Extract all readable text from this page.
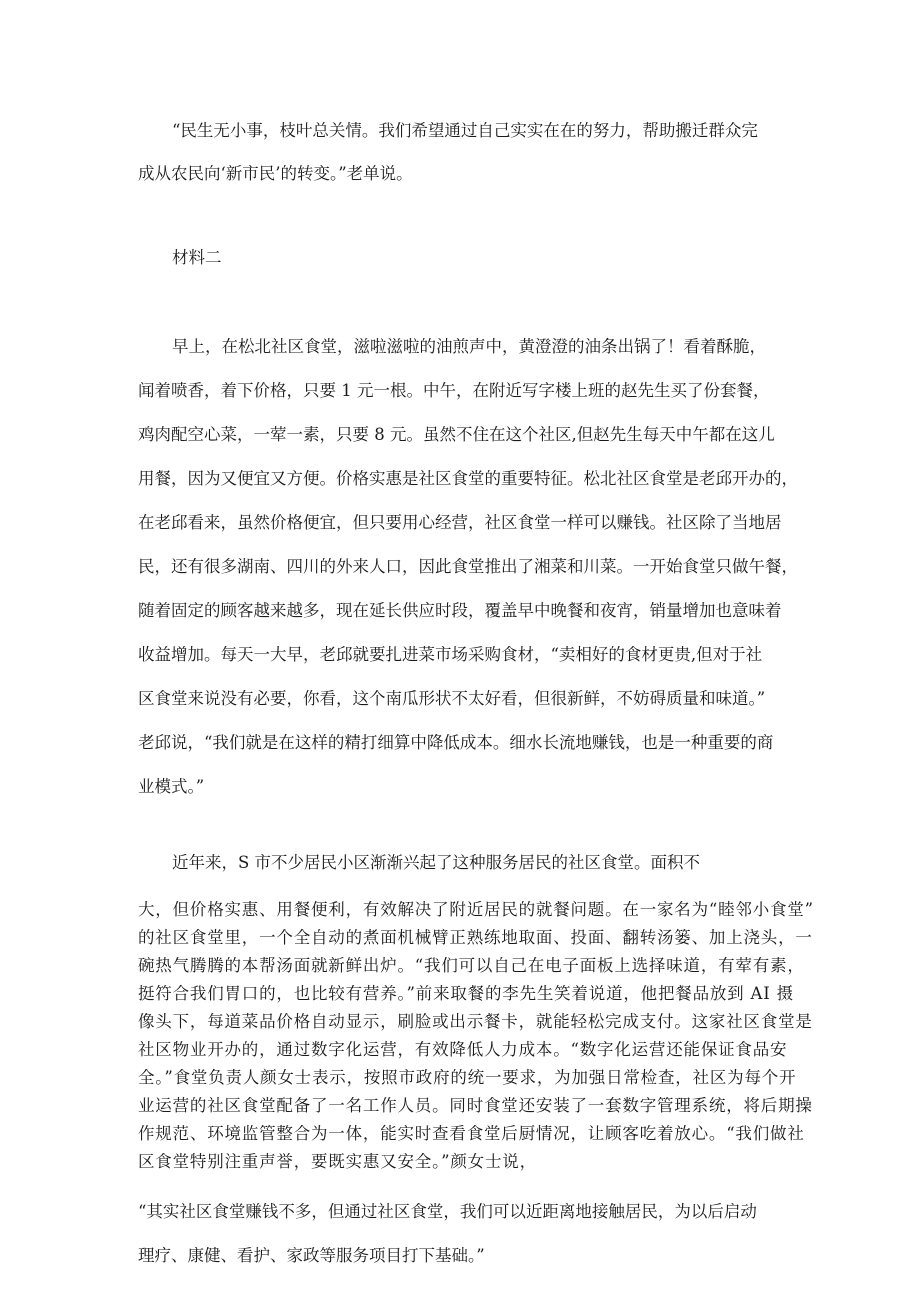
“民生无小事，枝叶总关情。我们希望通过自己实实在在的努力，帮助搬迁群众完

成从农民向‘新市民’的转变。”老单说。

材料二

早上，在松北社区食堂，滋啦滋啦的油煎声中，黄澄澄的油条出锅了！看着酥脆，

闻着喷香，着下价格，只要 1 元一根。中午，在附近写字楼上班的赵先生买了份套餐，

鸡肉配空心菜，一荤一素，只要 8 元。虽然不住在这个社区,但赵先生每天中午都在这儿

用餐，因为又便宜又方便。价格实惠是社区食堂的重要特征。松北社区食堂是老邱开办的，

在老邱看来，虽然价格便宜，但只要用心经营，社区食堂一样可以赚钱。社区除了当地居

民，还有很多湖南、四川的外来人口，因此食堂推出了湘菜和川菜。一开始食堂只做午餐，

随着固定的顾客越来越多，现在延长供应时段，覆盖早中晚餐和夜宵，销量增加也意味着

收益增加。每天一大早，老邱就要扎进菜市场采购食材，“卖相好的食材更贵,但对于社

区食堂来说没有必要，你看，这个南瓜形状不太好看，但很新鲜，不妨碍质量和味道。”

老邱说，“我们就是在这样的精打细算中降低成本。细水长流地赚钱，也是一种重要的商

业模式。”

近年来，S 市不少居民小区渐渐兴起了这种服务居民的社区食堂。面积不

大，但价格实惠、用餐便利，有效解决了附近居民的就餐问题。在一家名为“睦邻小食堂”

的社区食堂里，一个全自动的煮面机械臂正熟练地取面、投面、翻转汤篓、加上浇头，一

碗热气腾腾的本帮汤面就新鲜出炉。“我们可以自己在电子面板上选择味道，有荤有素，

挺符合我们胃口的，也比较有营养。”前来取餐的李先生笑着说道，他把餐品放到 AI 摄

像头下，每道菜品价格自动显示，刷脸或出示餐卡，就能轻松完成支付。这家社区食堂是

社区物业开办的，通过数字化运营，有效降低人力成本。“数字化运营还能保证食品安

全。”食堂负责人颜女士表示，按照市政府的统一要求，为加强日常检查，社区为每个开

业运营的社区食堂配备了一名工作人员。同时食堂还安装了一套数字管理系统，将后期操

作规范、环境监管整合为一体，能实时查看食堂后厨情况，让顾客吃着放心。“我们做社

区食堂特别注重声誉，要既实惠又安全。”颜女士说，

“其实社区食堂赚钱不多，但通过社区食堂，我们可以近距离地接触居民，为以后启动

理疗、康健、看护、家政等服务项目打下基础。”
